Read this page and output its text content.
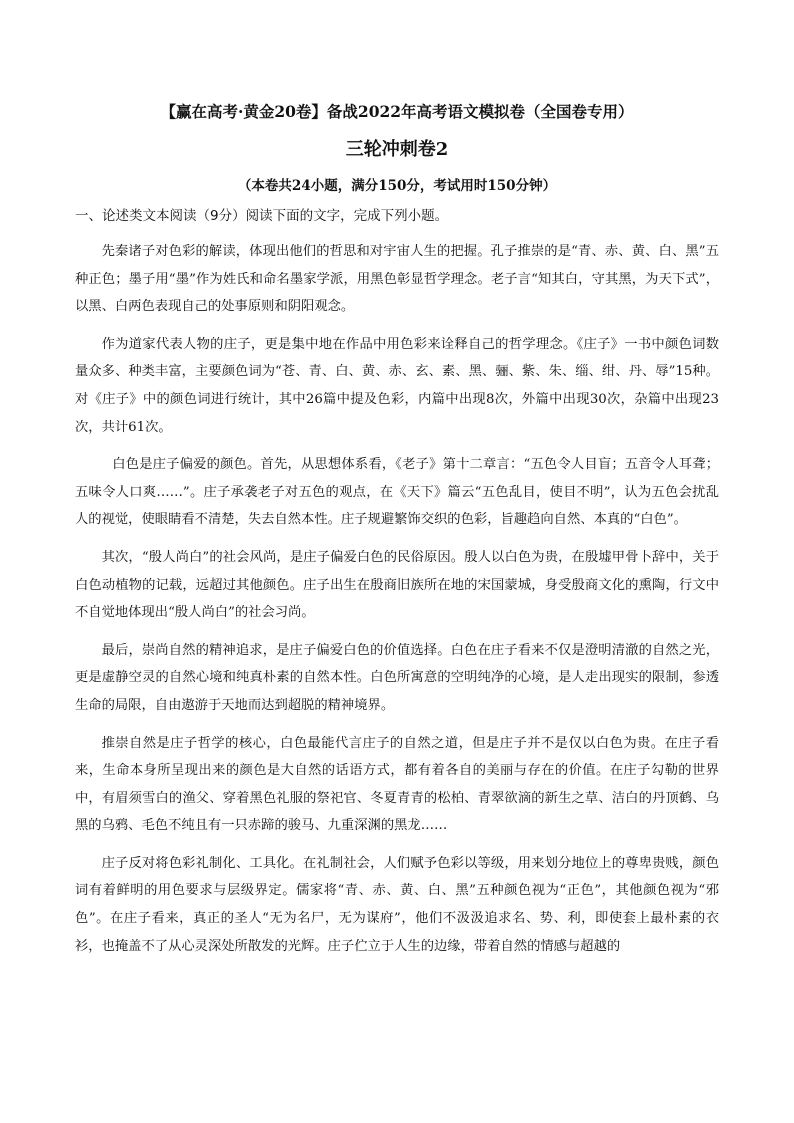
【赢在高考·黄金20卷】备战2022年高考语文模拟卷（全国卷专用）
三轮冲刺卷2
（本卷共24小题，满分150分，考试用时150分钟）
一、论述类文本阅读（9分）阅读下面的文字，完成下列小题。

先秦诸子对色彩的解读，体现出他们的哲思和对宇宙人生的把握。孔子推崇的是“青、赤、黄、白、黑”五种正色；墨子用“墨”作为姓氏和命名墨家学派，用黑色彰显哲学理念。老子言“知其白，守其黑，为天下式”，以黑、白两色表现自己的处事原则和阴阳观念。

作为道家代表人物的庄子，更是集中地在作品中用色彩来诠释自己的哲学理念。《庄子》一书中颜色词数量众多、种类丰富，主要颜色词为“苍、青、白、黄、赤、玄、素、黑、骊、紫、朱、缁、绀、丹、辱”15种。对《庄子》中的颜色词进行统计，其中26篇中提及色彩，内篇中出现8次，外篇中出现30次，杂篇中出现23次，共计61次。

白色是庄子偏爱的颜色。首先，从思想体系看，《老子》第十二章言：“五色令人目盲；五音令人耳聋；五味令人口爽……”。庄子承袭老子对五色的观点，在《天下》篇云“五色乱目，使目不明”，认为五色会扰乱人的视觉，使眼睛看不清楚，失去自然本性。庄子规避繁饰交织的色彩，旨趣趋向自然、本真的“白色”。

其次，“殷人尚白”的社会风尚，是庄子偏爱白色的民俗原因。殷人以白色为贵，在殷墟甲骨卜辞中，关于白色动植物的记载，远超过其他颜色。庄子出生在殷商旧族所在地的宋国蒙城，身受殷商文化的熏陶，行文中不自觉地体现出“殷人尚白”的社会习尚。

最后，崇尚自然的精神追求，是庄子偏爱白色的价值选择。白色在庄子看来不仅是澄明清澈的自然之光，更是虚静空灵的自然心境和纯真朴素的自然本性。白色所寓意的空明纯净的心境，是人走出现实的限制，参透生命的局限，自由遨游于天地而达到超脱的精神境界。

推崇自然是庄子哲学的核心，白色最能代言庄子的自然之道，但是庄子并不是仅以白色为贵。在庄子看来，生命本身所呈现出来的颜色是大自然的话语方式，都有着各自的美丽与存在的价值。在庄子勾勒的世界中，有眉须雪白的渔父、穿着黑色礼服的祭祀官、冬夏青青的松柏、青翠欲滴的新生之草、洁白的丹顶鹤、乌黑的乌鸦、毛色不纯且有一只赤蹄的骏马、九重深渊的黑龙……

庄子反对将色彩礼制化、工具化。在礼制社会，人们赋予色彩以等级，用来划分地位上的尊卑贵贱，颜色词有着鲜明的用色要求与层级界定。儒家将“青、赤、黄、白、黑”五种颜色视为“正色”，其他颜色视为“邪色”。在庄子看来，真正的圣人“无为名尸，无为谋府”，他们不汲汲追求名、势、利，即使套上最朴素的衣衫，也掩盖不了从心灵深处所散发的光辉。庄子伫立于人生的边缘，带着自然的情感与超越的
